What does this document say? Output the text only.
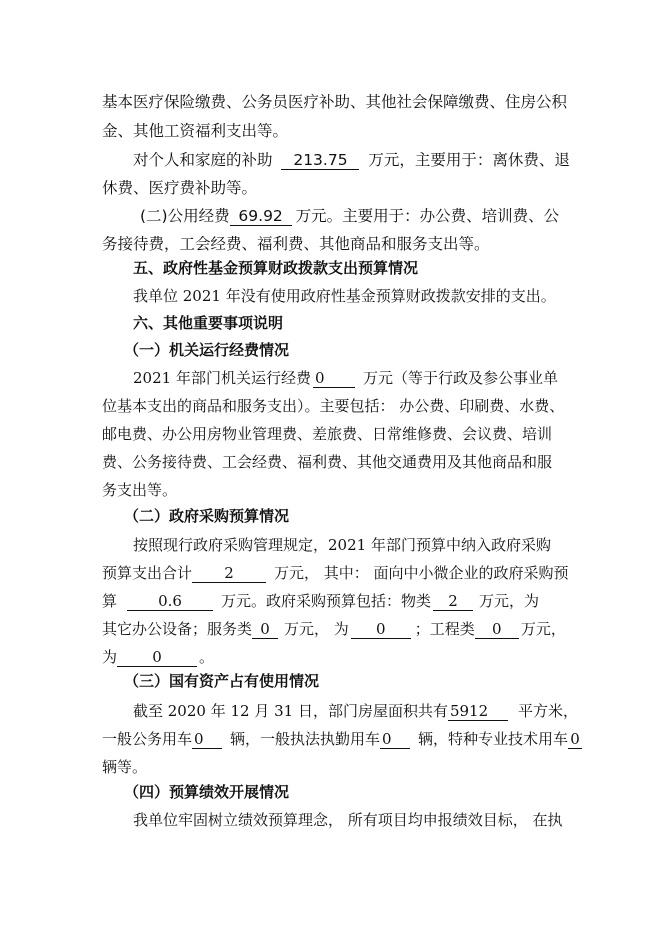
基本医疗保险缴费、公务员医疗补助、其他社会保障缴费、住房公积
金、其他工资福利支出等。
对个人和家庭的补助 213.75 万元，主要用于：离休费、退
休费、医疗费补助等。
(二)公用经费 69.92 万元。主要用于：办公费、培训费、公
务接待费，工会经费、福利费、其他商品和服务支出等。
五、政府性基金预算财政拨款支出预算情况
我单位 2021 年没有使用政府性基金预算财政拨款安排的支出。
六、其他重要事项说明
（一）机关运行经费情况
2021 年部门机关运行经费 0	万元（等于行政及参公事业单
位基本支出的商品和服务支出）。主要包括： 办公费、印刷费、水费、
邮电费、办公用房物业管理费、差旅费、日常维修费、会议费、培训
费、公务接待费、工会经费、福利费、其他交通费用及其他商品和服
务支出等。
（二）政府采购预算情况
按照现行政府采购管理规定，2021 年部门预算中纳入政府采购
预算支出合计 2	万元， 其中： 面向中小微企业的政府采购预
算	0.6	万元。政府采购预算包括：物类 2 万元，为
其它办公设备；服务类 0 万元， 为 0 ；工程类 0 万元，
为 0 。
（三）国有资产占有使用情况
截至 2020 年 12 月 31 日，部门房屋面积共有 5912 平方米，
一般公务用车 0 辆，一般执法执勤用车 0 辆，特种专业技术用车 0
辆等。
（四）预算绩效开展情况
我单位牢固树立绩效预算理念， 所有项目均申报绩效目标， 在执
